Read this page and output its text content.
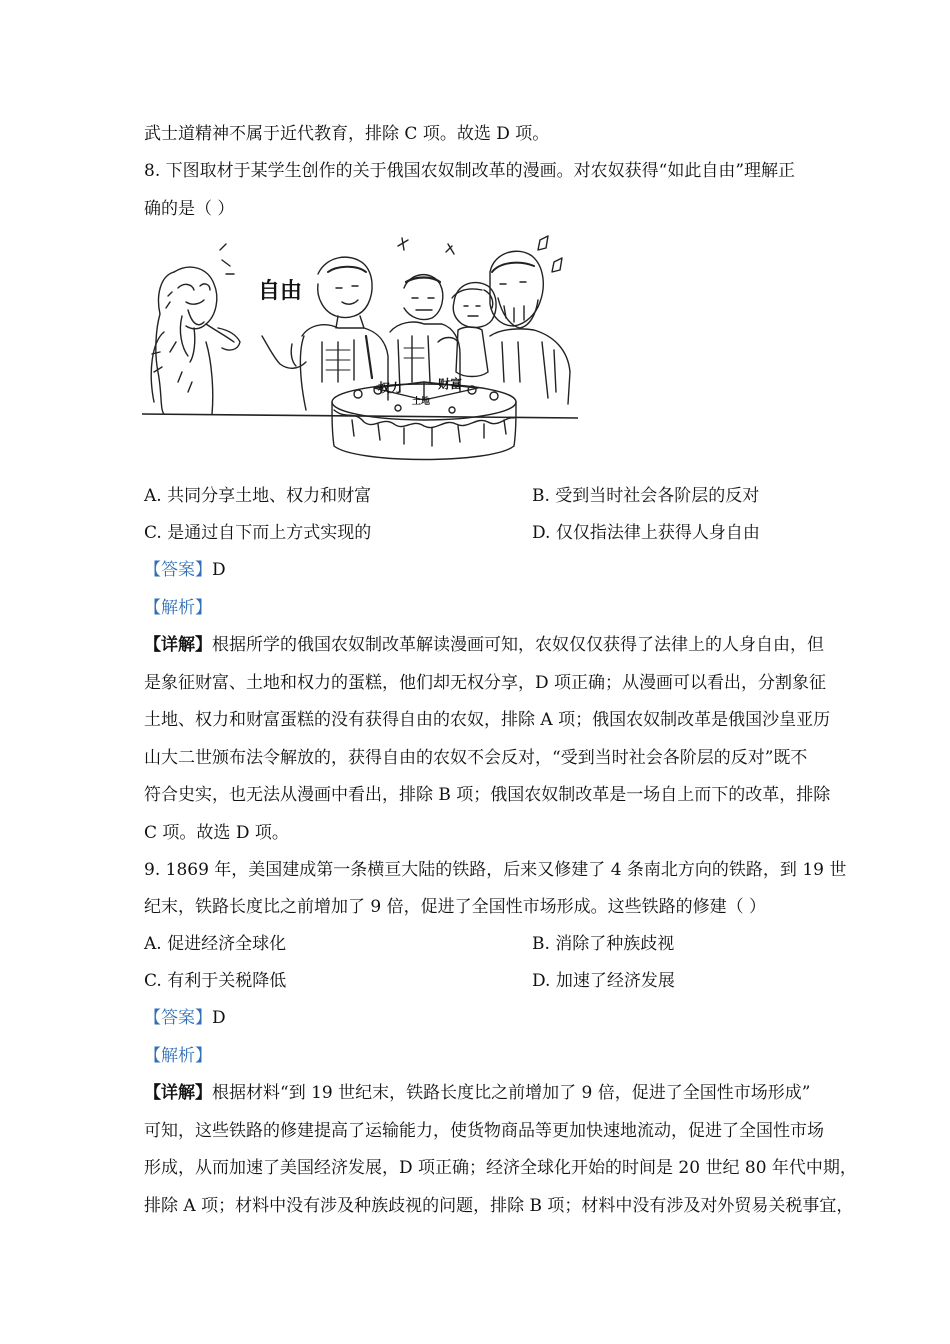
武士道精神不属于近代教育，排除 C 项。故选 D 项。
8. 下图取材于某学生创作的关于俄国农奴制改革的漫画。对农奴获得“如此自由”理解正
确的是（ ）
自由
权力	财富
土地
A. 共同分享土地、权力和财富	B. 受到当时社会各阶层的反对
C. 是通过自下而上方式实现的	D. 仅仅指法律上获得人身自由
【答案】D
【解析】
【详解】根据所学的俄国农奴制改革解读漫画可知，农奴仅仅获得了法律上的人身自由，但
是象征财富、土地和权力的蛋糕，他们却无权分享，D 项正确；从漫画可以看出，分割象征
土地、权力和财富蛋糕的没有获得自由的农奴，排除 A 项；俄国农奴制改革是俄国沙皇亚历
山大二世颁布法令解放的，获得自由的农奴不会反对，“受到当时社会各阶层的反对”既不
符合史实，也无法从漫画中看出，排除 B 项；俄国农奴制改革是一场自上而下的改革，排除
C 项。故选 D 项。
9. 1869 年，美国建成第一条横亘大陆的铁路，后来又修建了 4 条南北方向的铁路，到 19 世
纪末，铁路长度比之前增加了 9 倍，促进了全国性市场形成。这些铁路的修建（ ）
A. 促进经济全球化	B. 消除了种族歧视
C. 有利于关税降低	D. 加速了经济发展
【答案】D
【解析】
【详解】根据材料“到 19 世纪末，铁路长度比之前增加了 9 倍，促进了全国性市场形成”
可知，这些铁路的修建提高了运输能力，使货物商品等更加快速地流动，促进了全国性市场
形成，从而加速了美国经济发展，D 项正确；经济全球化开始的时间是 20 世纪 80 年代中期，
排除 A 项；材料中没有涉及种族歧视的问题，排除 B 项；材料中没有涉及对外贸易关税事宜，
